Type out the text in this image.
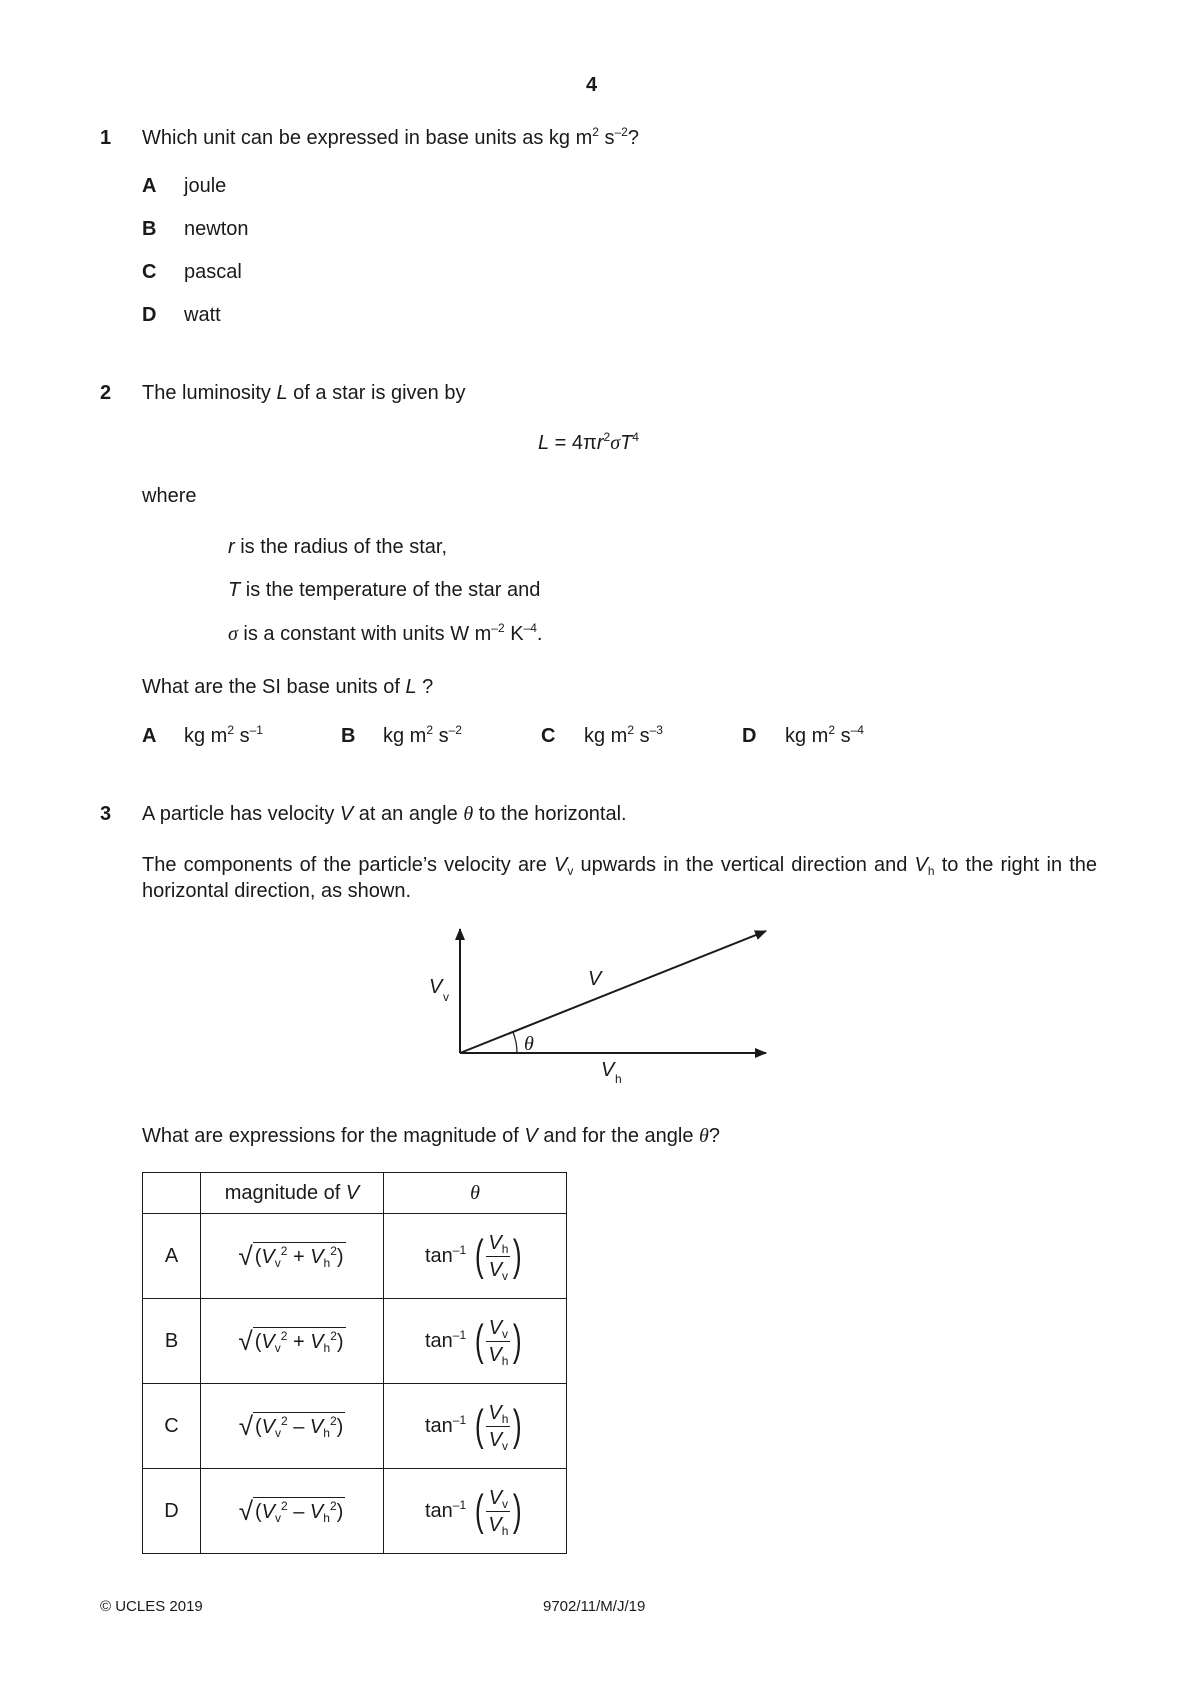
4
1 Which unit can be expressed in base units as kg $m^2$ $s^{-2}$?
A joule
B newton
C pascal
D watt
2 The luminosity L of a star is given by
$L = 4\pi r^2\sigma T^4$
where
r is the radius of the star,
T is the temperature of the star and
σ is a constant with units W $m^{-2}$ $K^{-4}$.
What are the SI base units of L ?
A kg $m^2$ $s^{-1}$	B kg $m^2$ $s^{-2}$	C kg $m^2$ $s^{-3}$	D kg $m^2$ $s^{-4}$
3 A particle has velocity V at an angle θ to the horizontal.
The components of the particle’s velocity are $V_v$ upwards in the vertical direction and $V_h$ to the right in the horizontal direction, as shown.
V
V v
θ
V h
What are expressions for the magnitude of V and for the angle θ?
	magnitude of V	θ
A	√ $(V_v^2 + V_h^2)$	$\tan^{-1}$ ( $\frac{V_h}{V_v}$ )
B	√ $(V_v^2 + V_h^2)$	$\tan^{-1}$ ( $\frac{V_v}{V_h}$ )
C	√ $(V_v^2 - V_h^2)$	$\tan^{-1}$ ( $\frac{V_h}{V_v}$ )
D	√ $(V_v^2 - V_h^2)$	$\tan^{-1}$ ( $\frac{V_v}{V_h}$ )
© UCLES 2019	9702/11/M/J/19
